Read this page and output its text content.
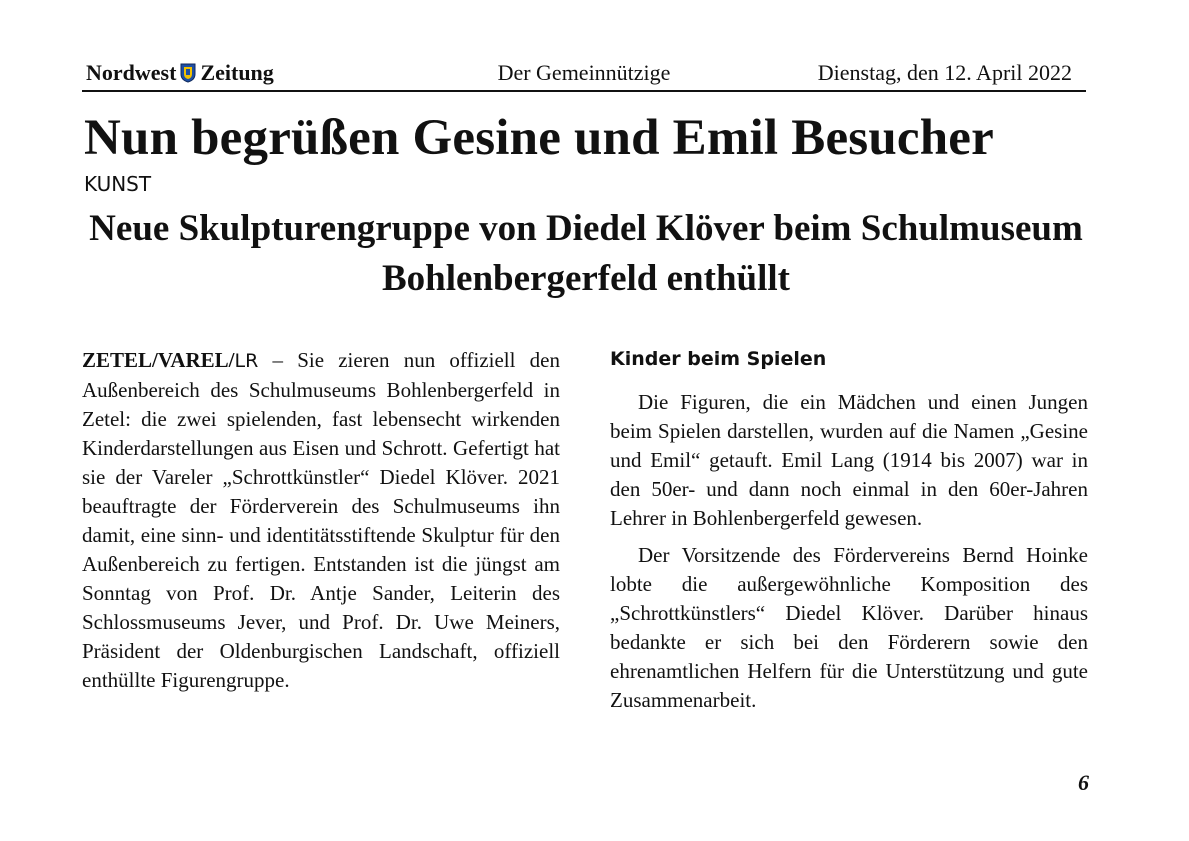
Nordwest Zeitung	Der Gemeinnützige	Dienstag, den 12. April 2022
Nun begrüßen Gesine und Emil Besucher
KUNST
Neue Skulpturengruppe von Diedel Klöver beim Schulmuseum Bohlenbergerfeld enthüllt

ZETEL/VAREL/LR – Sie zieren nun offiziell den Außenbereich des Schulmuseums Bohlenbergerfeld in Zetel: die zwei spielenden, fast lebensecht wirkenden Kinderdarstellungen aus Eisen und Schrott. Gefertigt hat sie der Vareler „Schrottkünstler“ Diedel Klöver. 2021 beauftragte der Förderverein des Schulmuseums ihn damit, eine sinn- und identitätsstiftende Skulptur für den Außenbereich zu fertigen. Entstanden ist die jüngst am Sonntag von Prof. Dr. Antje Sander, Leiterin des Schlossmuseums Jever, und Prof. Dr. Uwe Meiners, Präsident der Oldenburgischen Landschaft, offiziell enthüllte Figurengruppe.

Kinder beim Spielen

Die Figuren, die ein Mädchen und einen Jungen beim Spielen darstellen, wurden auf die Namen „Gesine und Emil“ getauft. Emil Lang (1914 bis 2007) war in den 50er- und dann noch einmal in den 60er-Jahren Lehrer in Bohlenbergerfeld gewesen.

Der Vorsitzende des Fördervereins Bernd Hoinke lobte die außergewöhnliche Komposition des „Schrottkünstlers“ Diedel Klöver. Darüber hinaus bedankte er sich bei den Förderern sowie den ehrenamtlichen Helfern für die Unterstützung und gute Zusammenarbeit.

6
